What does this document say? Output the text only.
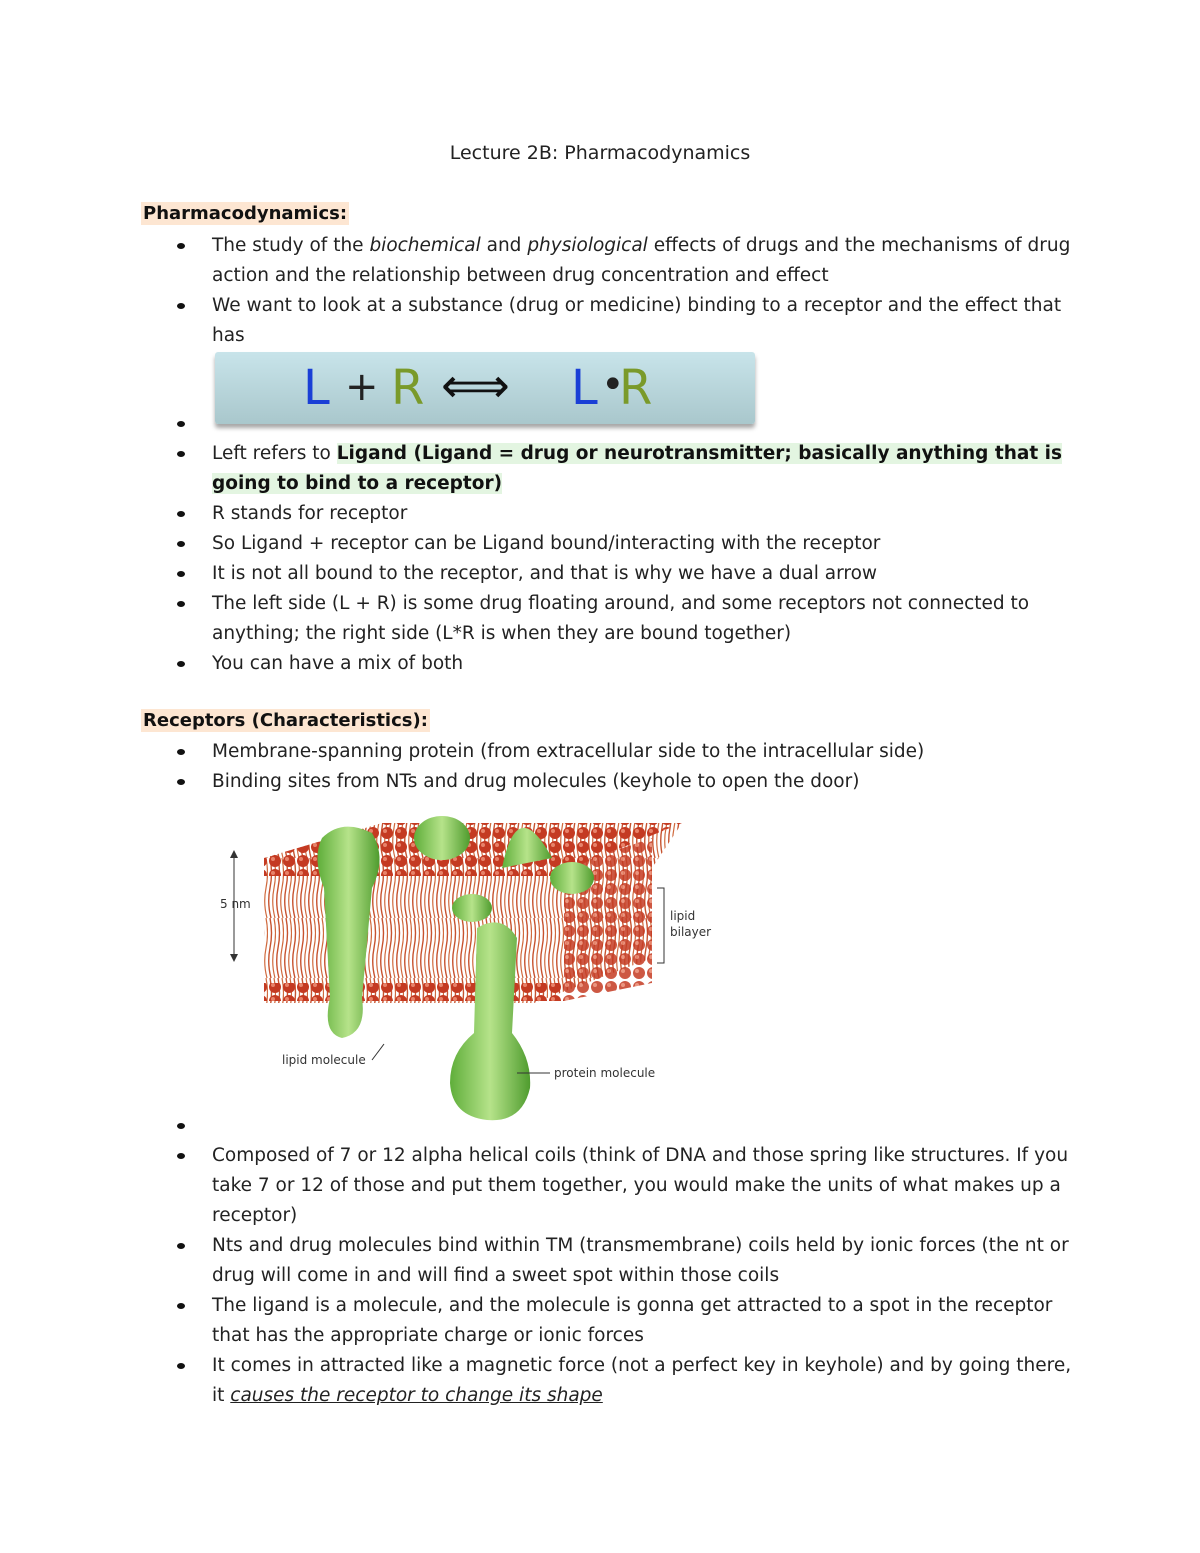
Lecture 2B: Pharmacodynamics
Pharmacodynamics:
The study of the biochemical and physiological effects of drugs and the mechanisms of drug action and the relationship between drug concentration and effect
We want to look at a substance (drug or medicine) binding to a receptor and the effect that has
L + R ⟺ L •
R

Left refers to Ligand (Ligand = drug or neurotransmitter; basically anything that is going to bind to a receptor)
R stands for receptor
So Ligand + receptor can be Ligand bound/interacting with the receptor
It is not all bound to the receptor, and that is why we have a dual arrow
The left side (L + R) is some drug floating around, and some receptors not connected to anything; the right side (L*R is when they are bound together)
You can have a mix of both
Receptors (Characteristics):
Membrane-spanning protein (from extracellular side to the intracellular side)
Binding sites from NTs and drug molecules (keyhole to open the door)
5 nm
lipid
bilayer
lipid molecule
protein molecule

Composed of 7 or 12 alpha helical coils (think of DNA and those spring like structures. If you take 7 or 12 of those and put them together, you would make the units of what makes up a receptor)
Nts and drug molecules bind within TM (transmembrane) coils held by ionic forces (the nt or drug will come in and will find a sweet spot within those coils
The ligand is a molecule, and the molecule is gonna get attracted to a spot in the receptor that has the appropriate charge or ionic forces
It comes in attracted like a magnetic force (not a perfect key in keyhole) and by going there, it causes the receptor to change its shape
